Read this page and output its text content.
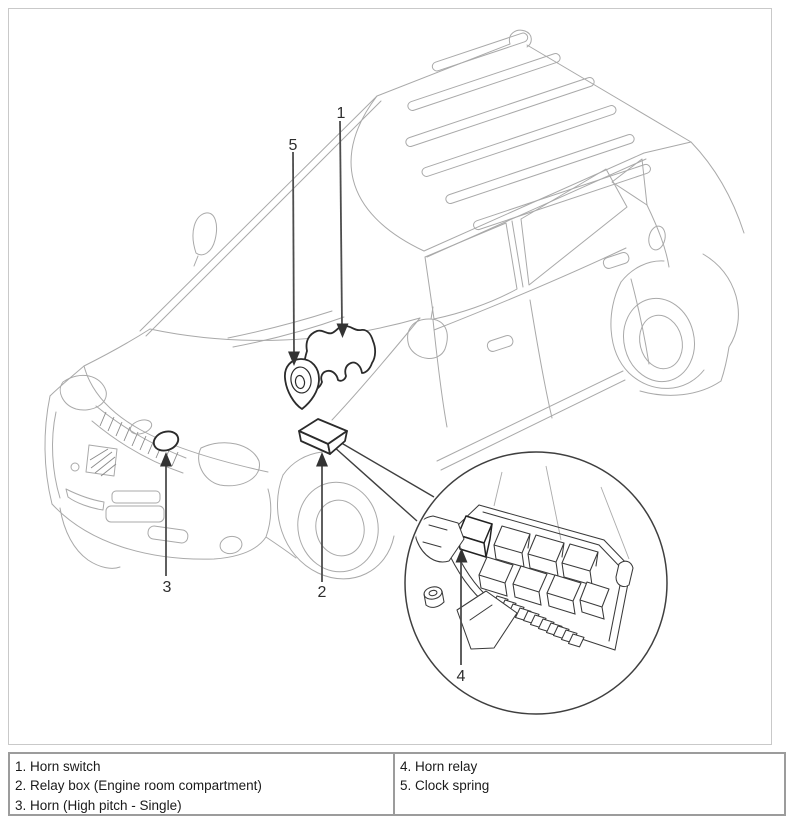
1
5
3	2
4
1. Horn switch
2. Relay box (Engine room compartment)
3. Horn (High pitch - Single)
4. Horn relay
5. Clock spring
